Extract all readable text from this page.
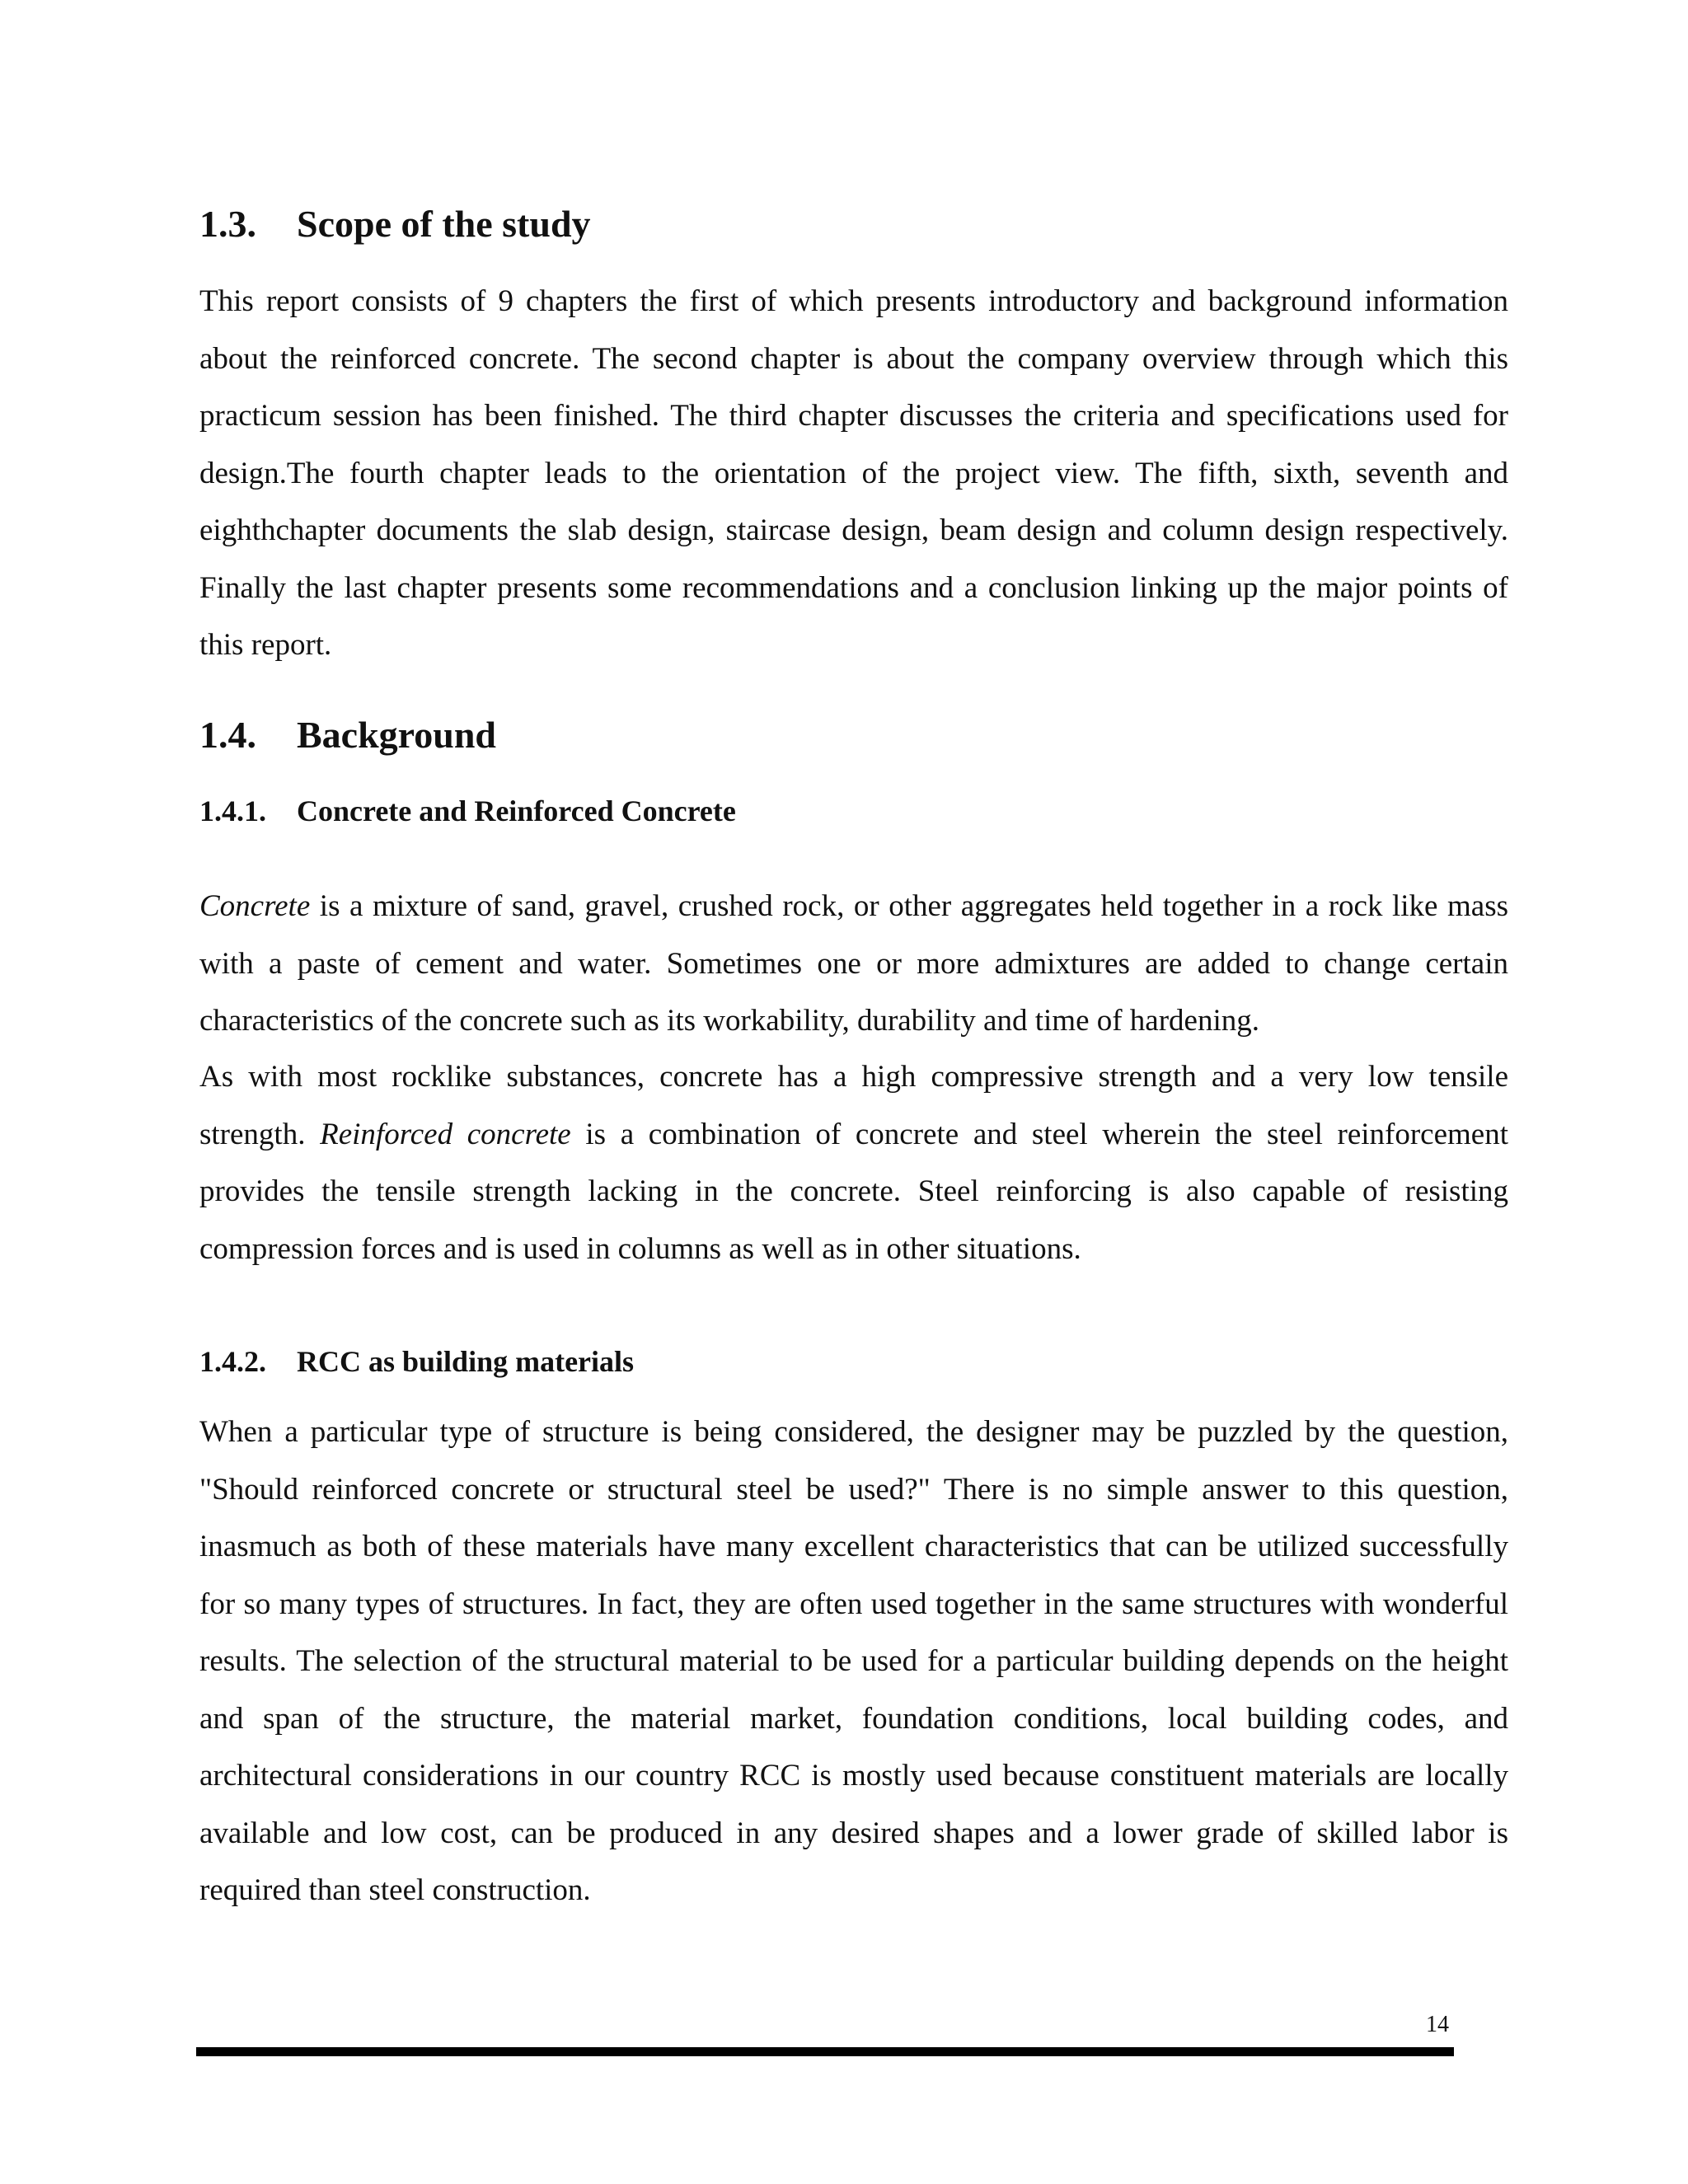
1.3. Scope of the study

This report consists of 9 chapters the first of which presents introductory and background information about the reinforced concrete. The second chapter is about the company overview through which this practicum session has been finished. The third chapter discusses the criteria and specifications used for design.The fourth chapter leads to the orientation of the project view. The fifth, sixth, seventh and eighthchapter documents the slab design, staircase design, beam design and column design respectively. Finally the last chapter presents some recommendations and a conclusion linking up the major points of this report.

1.4. Background
1.4.1. Concrete and Reinforced Concrete

Concrete is a mixture of sand, gravel, crushed rock, or other aggregates held together in a rock like mass with a paste of cement and water. Sometimes one or more admixtures are added to change certain characteristics of the concrete such as its workability, durability and time of hardening.

As with most rocklike substances, concrete has a high compressive strength and a very low tensile strength. Reinforced concrete is a combination of concrete and steel wherein the steel reinforcement provides the tensile strength lacking in the concrete. Steel reinforcing is also capable of resisting compression forces and is used in columns as well as in other situations.

1.4.2. RCC as building materials

When a particular type of structure is being considered, the designer may be puzzled by the question, "Should reinforced concrete or structural steel be used?" There is no simple answer to this question, inasmuch as both of these materials have many excellent characteristics that can be utilized successfully for so many types of structures. In fact, they are often used together in the same structures with wonderful results. The selection of the structural material to be used for a particular building depends on the height and span of the structure, the material market, foundation conditions, local building codes, and architectural considerations in our country RCC is mostly used because constituent materials are locally available and low cost, can be produced in any desired shapes and a lower grade of skilled labor is required than steel construction.

14
